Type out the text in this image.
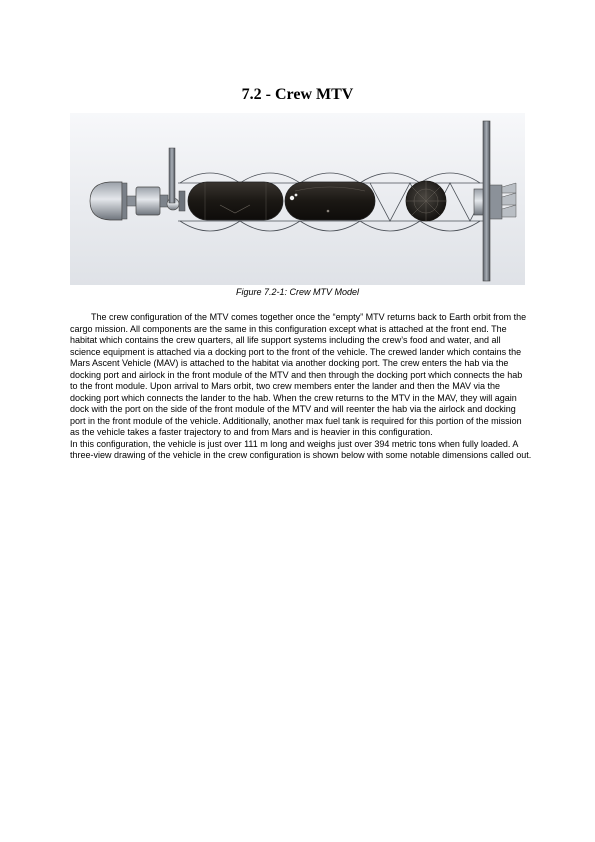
7.2 - Crew MTV
Figure 7.2-1: Crew MTV Model

The crew configuration of the MTV comes together once the “empty” MTV returns back to Earth orbit from the cargo mission. All components are the same in this configuration except what is attached at the front end. The habitat which contains the crew quarters, all life support systems including the crew’s food and water, and all science equipment is attached via a docking port to the front of the vehicle. The crewed lander which contains the Mars Ascent Vehicle (MAV) is attached to the habitat via another docking port. The crew enters the hab via the docking port and airlock in the front module of the MTV and then through the docking port which connects the hab to the front module. Upon arrival to Mars orbit, two crew members enter the lander and then the MAV via the docking port which connects the lander to the hab. When the crew returns to the MTV in the MAV, they will again dock with the port on the side of the front module of the MTV and will reenter the hab via the airlock and docking port in the front module of the vehicle. Additionally, another max fuel tank is required for this portion of the mission as the vehicle takes a faster trajectory to and from Mars and is heavier in this configuration.

In this configuration, the vehicle is just over 111 m long and weighs just over 394 metric tons when fully loaded. A three-view drawing of the vehicle in the crew configuration is shown below with some notable dimensions called out.
